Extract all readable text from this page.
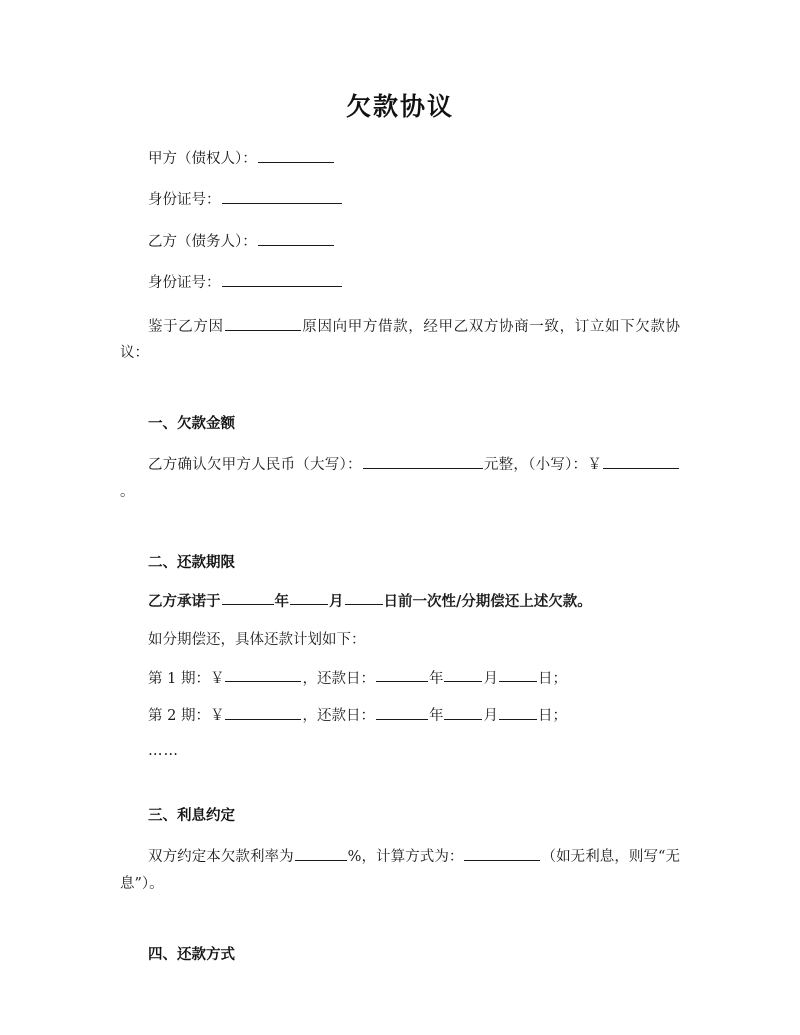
欠款协议

甲方（债权人）：

身份证号：

乙方（债务人）：

身份证号：

鉴于乙方因	原因向甲方借款，经甲乙双方协商一致，订立如下欠款协议：

一、欠款金额

乙方确认欠甲方人民币（大写）：	元整，（小写）：￥。

二、还款期限

乙方承诺于	年	月	日前一次性/分期偿还上述欠款。

如分期偿还，具体还款计划如下：

第 1 期：￥	，还款日：	年	月	日；

第 2 期：￥	，还款日：	年	月	日；

……

三、利息约定

双方约定本欠款利率为	%，计算方式为：	（如无利息，则写“无息”）。

四、还款方式
